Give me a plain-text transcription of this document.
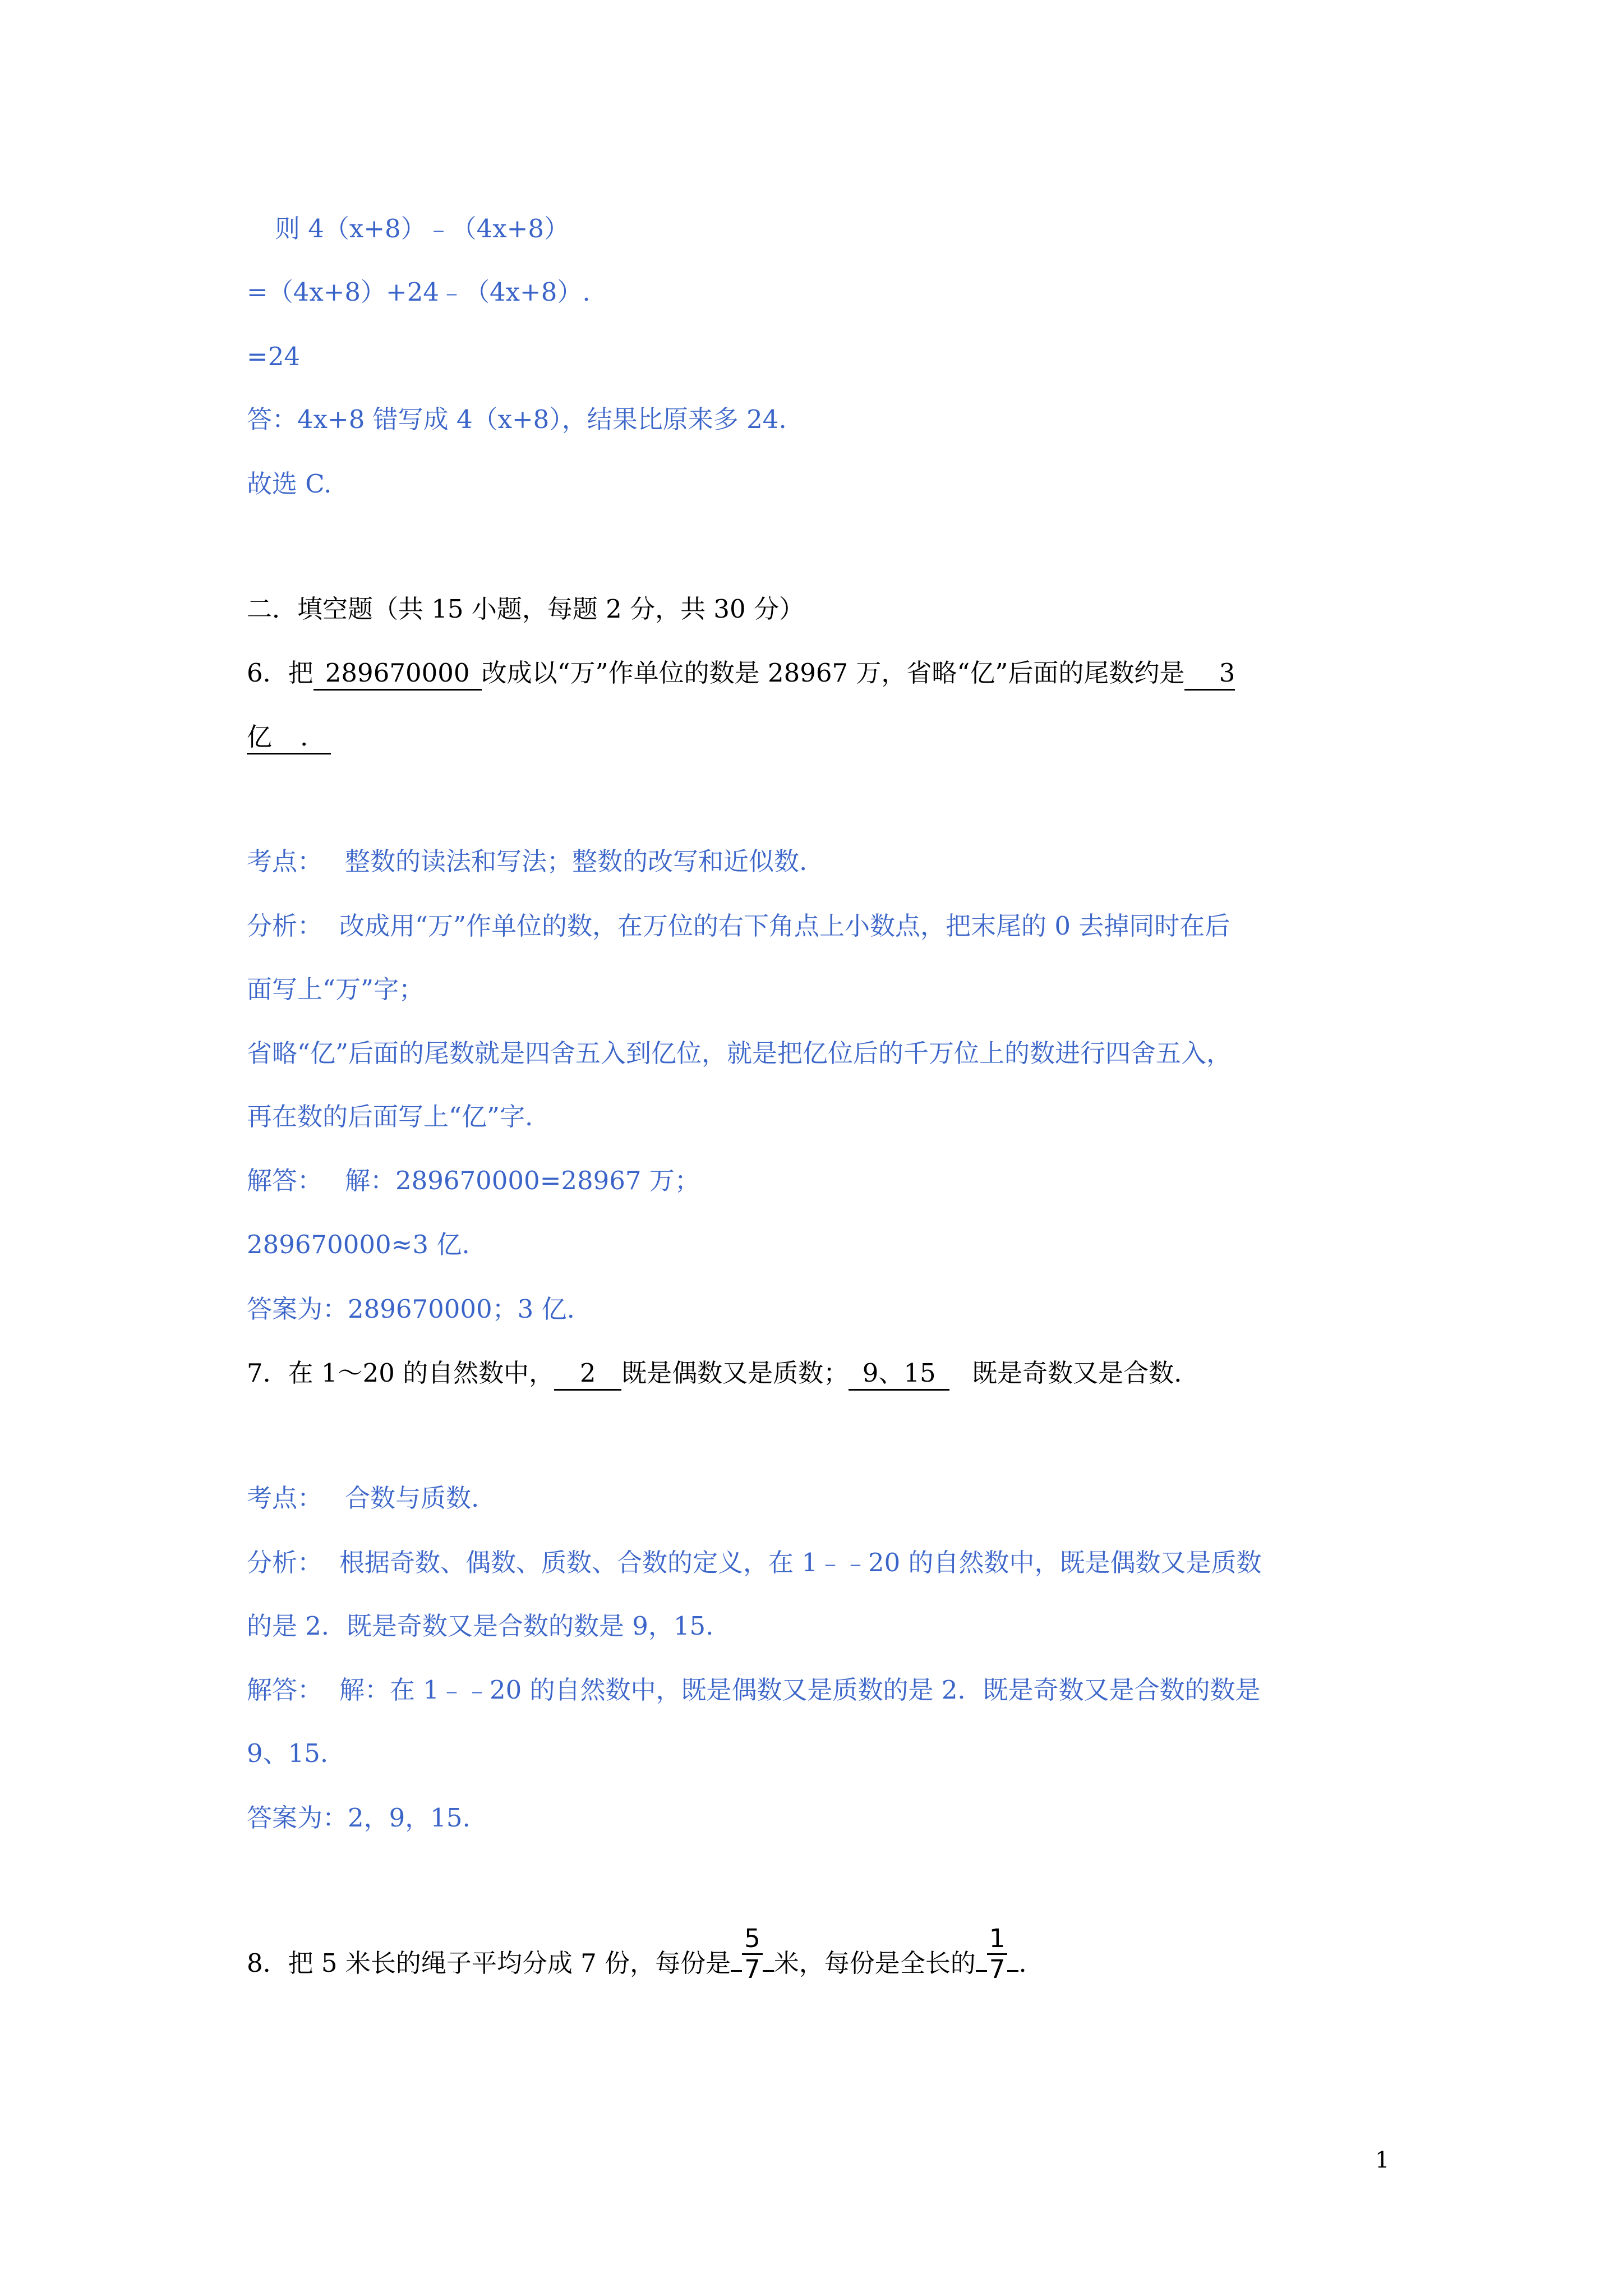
则 4（x+8）﹣（4x+8）
=（4x+8）+24﹣（4x+8）.
=24
答：4x+8 错写成 4（x+8），结果比原来多 24.
故选 C.
二．填空题（共 15 小题，每题 2 分，共 30 分）
6．把 289670000 改成以“万”作单位的数是 28967 万，省略“亿”后面的尾数约是 3
亿 .
考点： 整数的读法和写法；整数的改写和近似数.
分析： 改成用“万”作单位的数，在万位的右下角点上小数点，把末尾的 0 去掉同时在后
面写上“万”字；
省略“亿”后面的尾数就是四舍五入到亿位，就是把亿位后的千万位上的数进行四舍五入，
再在数的后面写上“亿”字.
解答： 解：289670000=28967 万；
289670000≈3 亿.
答案为：289670000；3 亿.
7．在 1～20 的自然数中， 2 既是偶数又是质数； 9、15 既是奇数又是合数.
考点： 合数与质数.
分析： 根据奇数、偶数、质数、合数的定义，在 1﹣﹣20 的自然数中，既是偶数又是质数
的是 2．既是奇数又是合数的数是 9，15.
解答： 解：在 1﹣﹣20 的自然数中，既是偶数又是质数的是 2．既是奇数又是合数的数是
9、15.
答案为：2，9，15.
8．把 5 米长的绳子平均分成 7 份，每份是 $\frac{5}{7}$ 米，每份是全长的 $\frac{1}{7}$ .
1
